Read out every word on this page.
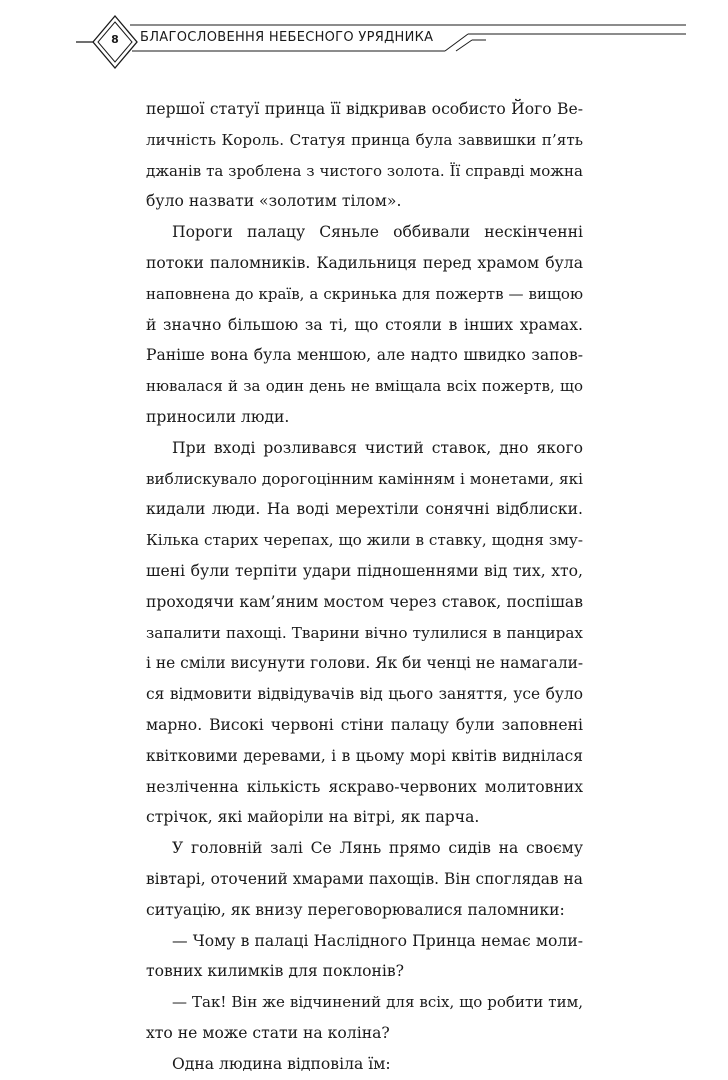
8	БЛАГОСЛОВЕННЯ НЕБЕСНОГО УРЯДНИКА
першої статуї принца її відкривав особисто Його Ве-
личність Король. Статуя принца була заввишки п’ять
джанів та зроблена з чистого золота. Її справді можна
було назвати «золотим тілом».
Пороги палацу Сяньле оббивали нескінченні
потоки паломників. Кадильниця перед храмом була
наповнена до країв, а скринька для пожертв — вищою
й значно більшою за ті, що стояли в інших храмах.
Раніше вона була меншою, але надто швидко запов-
нювалася й за один день не вміщала всіх пожертв, що
приносили люди.
При вході розливався чистий ставок, дно якого
виблискувало дорогоцінним камінням і монетами, які
кидали люди. На воді мерехтіли сонячні відблиски.
Кілька старих черепах, що жили в ставку, щодня зму-
шені були терпіти удари підношеннями від тих, хто,
проходячи кам’яним мостом через ставок, поспішав
запалити пахощі. Тварини вічно тулилися в панцирах
і не сміли висунути голови. Як би ченці не намагали-
ся відмовити відвідувачів від цього заняття, усе було
марно. Високі червоні стіни палацу були заповнені
квітковими деревами, і в цьому морі квітів виднілася
незліченна кількість яскраво-червоних молитовних
стрічок, які майоріли на вітрі, як парча.
У головній залі Се Лянь прямо сидів на своєму
вівтарі, оточений хмарами пахощів. Він споглядав на
ситуацію, як внизу переговорювалися паломники:
— Чому в палаці Наслідного Принца немає моли-
товних килимків для поклонів?
— Так! Він же відчинений для всіх, що робити тим,
хто не може стати на коліна?
Одна людина відповіла їм:
